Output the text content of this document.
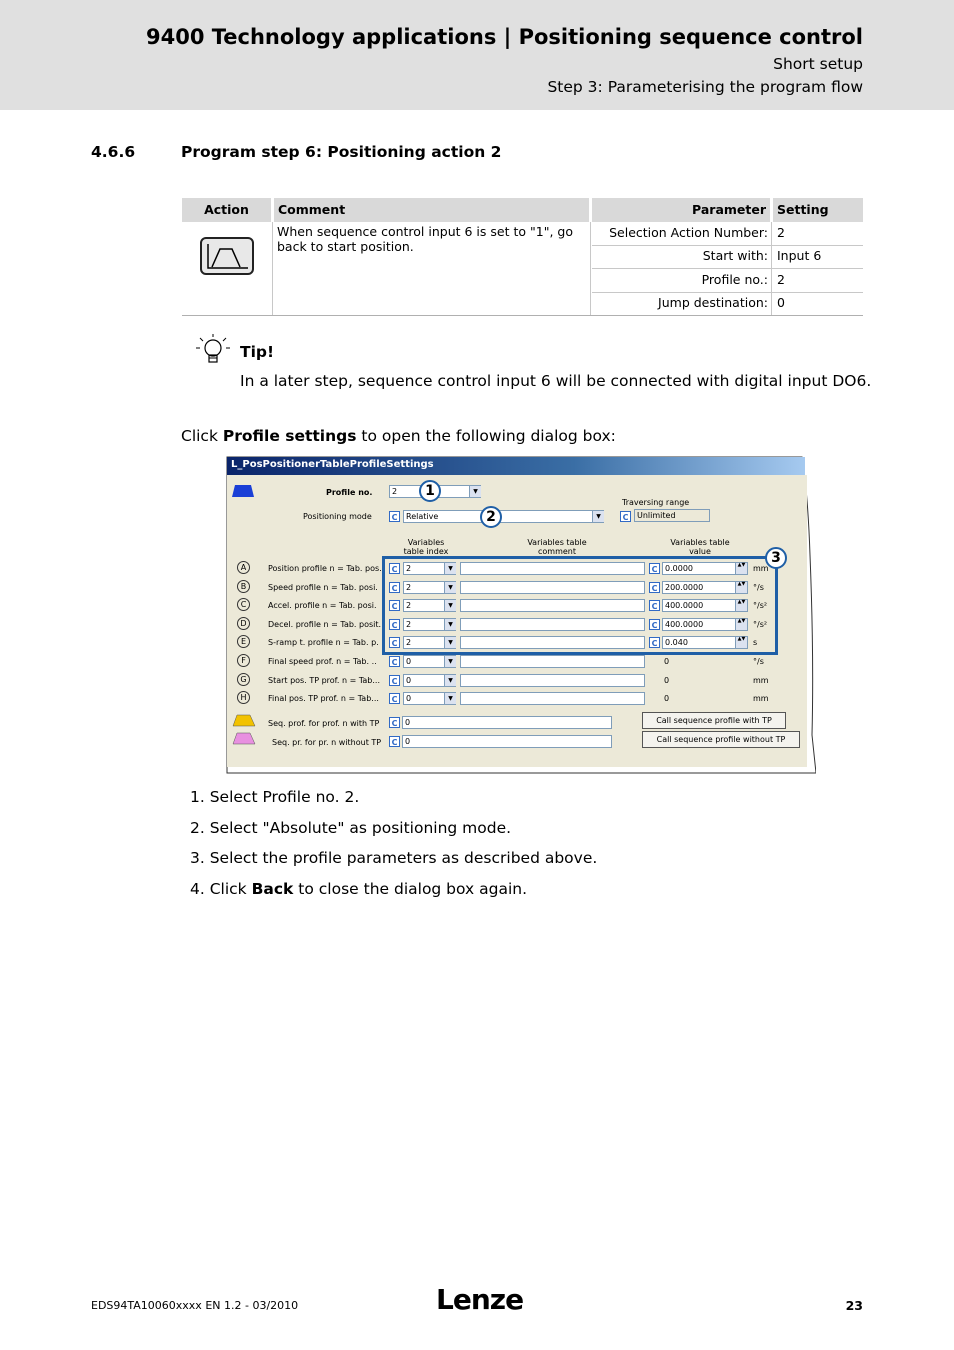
9400 Technology applications | Positioning sequence control
Short setup
Step 3: Parameterising the program flow
4.6.6	Program step 6: Positioning action 2
Action	Comment	Parameter Setting
When sequence control input 6 is set to "1", go back to start position.
Selection Action Number: 2
Start with: Input 6
Profile no.: 2
Jump destination: 0
Tip!
In a later step, sequence control input 6 will be connected with digital input DO6.
Click Profile settings to open the following dialog box:
L_PosPositionerTableProfileSettings
Profile no.	2	▼
1
Positioning mode	C	Relative	▼
2
Traversing range
C	Unlimited
Variables table index
Variables table comment
Variables table value
A	Position profile n = Tab. pos.	C	2	▼	C 0.0000	▲▼ mm
B	Speed profile n = Tab. posi.	C	2	▼	C 200.0000	▲▼ °/s
C	Accel. profile n = Tab. posi.	C	2	▼	C 400.0000	▲▼ °/s²
D	Decel. profile n = Tab. posit.	C	2	▼	C 400.0000	▲▼ °/s²
E	S-ramp t. profile n = Tab. p.	C	2	▼	C 0.040	▲▼ s
F	Final speed prof. n = Tab. ..	C	0	▼	0	°/s
G	Start pos. TP prof. n = Tab...	C	0	▼	0	mm
H	Final pos. TP prof. n = Tab...	C	0	▼	0	mm
3
Seq. prof. for prof. n with TP	C 0	Call sequence profile with TP
Seq. pr. for pr. n without TP	C 0	Call sequence profile without TP
1. Select Profile no. 2.
2. Select "Absolute" as positioning mode.
3. Select the profile parameters as described above.
4. Click Back to close the dialog box again.
EDS94TA10060xxxx EN 1.2 - 03/2010	Lenze	23
